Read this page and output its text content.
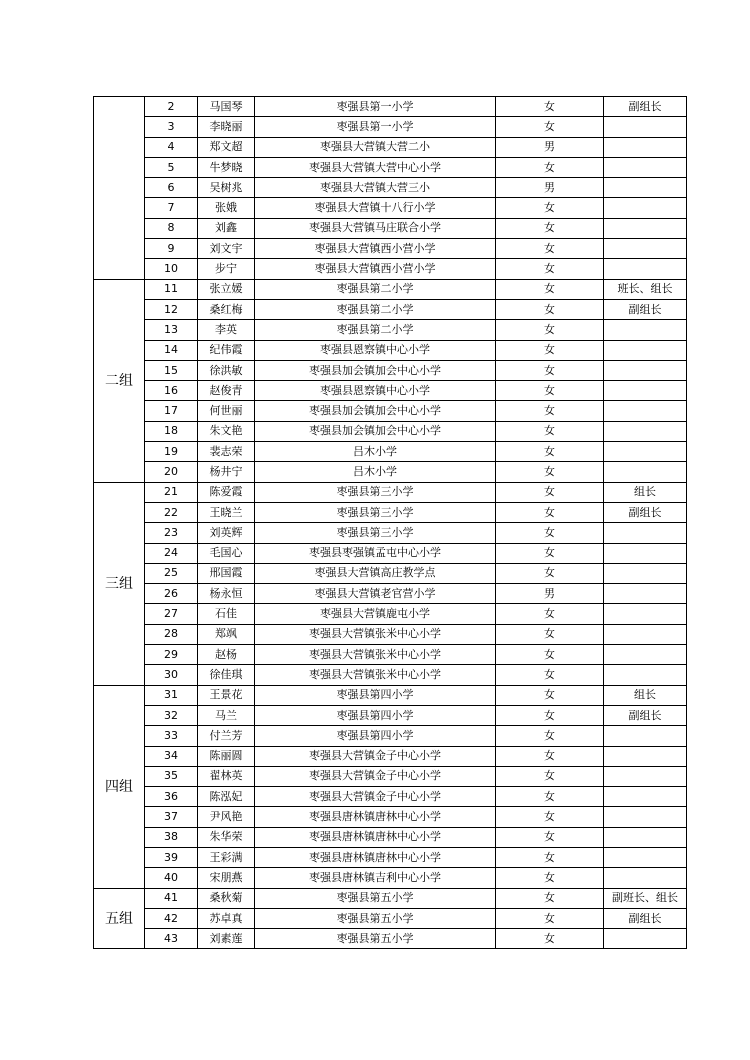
	2	马国琴	枣强县第一小学	女	副组长
	3	李晓丽	枣强县第一小学	女	
	4	郑文超	枣强县大营镇大营二小	男	
	5	牛梦晓	枣强县大营镇大营中心小学	女	
	6	吴树兆	枣强县大营镇大营三小	男	
	7	张娥	枣强县大营镇十八行小学	女	
	8	刘鑫	枣强县大营镇马庄联合小学	女	
	9	刘文宇	枣强县大营镇西小营小学	女	
	10	步宁	枣强县大营镇西小营小学	女	
二组	11	张立媛	枣强县第二小学	女	班长、组长
	12	桑红梅	枣强县第二小学	女	副组长
	13	李英	枣强县第二小学	女	
	14	纪伟霞	枣强县恩察镇中心小学	女	
	15	徐洪敏	枣强县加会镇加会中心小学	女	
	16	赵俊青	枣强县恩察镇中心小学	女	
	17	何世丽	枣强县加会镇加会中心小学	女	
	18	朱文艳	枣强县加会镇加会中心小学	女	
	19	裴志荣	吕木小学	女	
	20	杨井宁	吕木小学	女	
三组	21	陈爱霞	枣强县第三小学	女	组长
	22	王晓兰	枣强县第三小学	女	副组长
	23	刘英辉	枣强县第三小学	女	
	24	毛国心	枣强县枣强镇孟屯中心小学	女	
	25	邢国霞	枣强县大营镇高庄教学点	女	
	26	杨永恒	枣强县大营镇老官营小学	男	
	27	石佳	枣强县大营镇鹿屯小学	女	
	28	郑飒	枣强县大营镇张米中心小学	女	
	29	赵杨	枣强县大营镇张米中心小学	女	
	30	徐佳琪	枣强县大营镇张米中心小学	女	
四组	31	王景花	枣强县第四小学	女	组长
	32	马兰	枣强县第四小学	女	副组长
	33	付兰芳	枣强县第四小学	女	
	34	陈丽圆	枣强县大营镇金子中心小学	女	
	35	翟林英	枣强县大营镇金子中心小学	女	
	36	陈泓妃	枣强县大营镇金子中心小学	女	
	37	尹风艳	枣强县唐林镇唐林中心小学	女	
	38	朱华荣	枣强县唐林镇唐林中心小学	女	
	39	王彩满	枣强县唐林镇唐林中心小学	女	
	40	宋朋燕	枣强县唐林镇吉利中心小学	女	
五组	41	桑秋菊	枣强县第五小学	女	副班长、组长
	42	苏卓真	枣强县第五小学	女	副组长
	43	刘素莲	枣强县第五小学	女	
